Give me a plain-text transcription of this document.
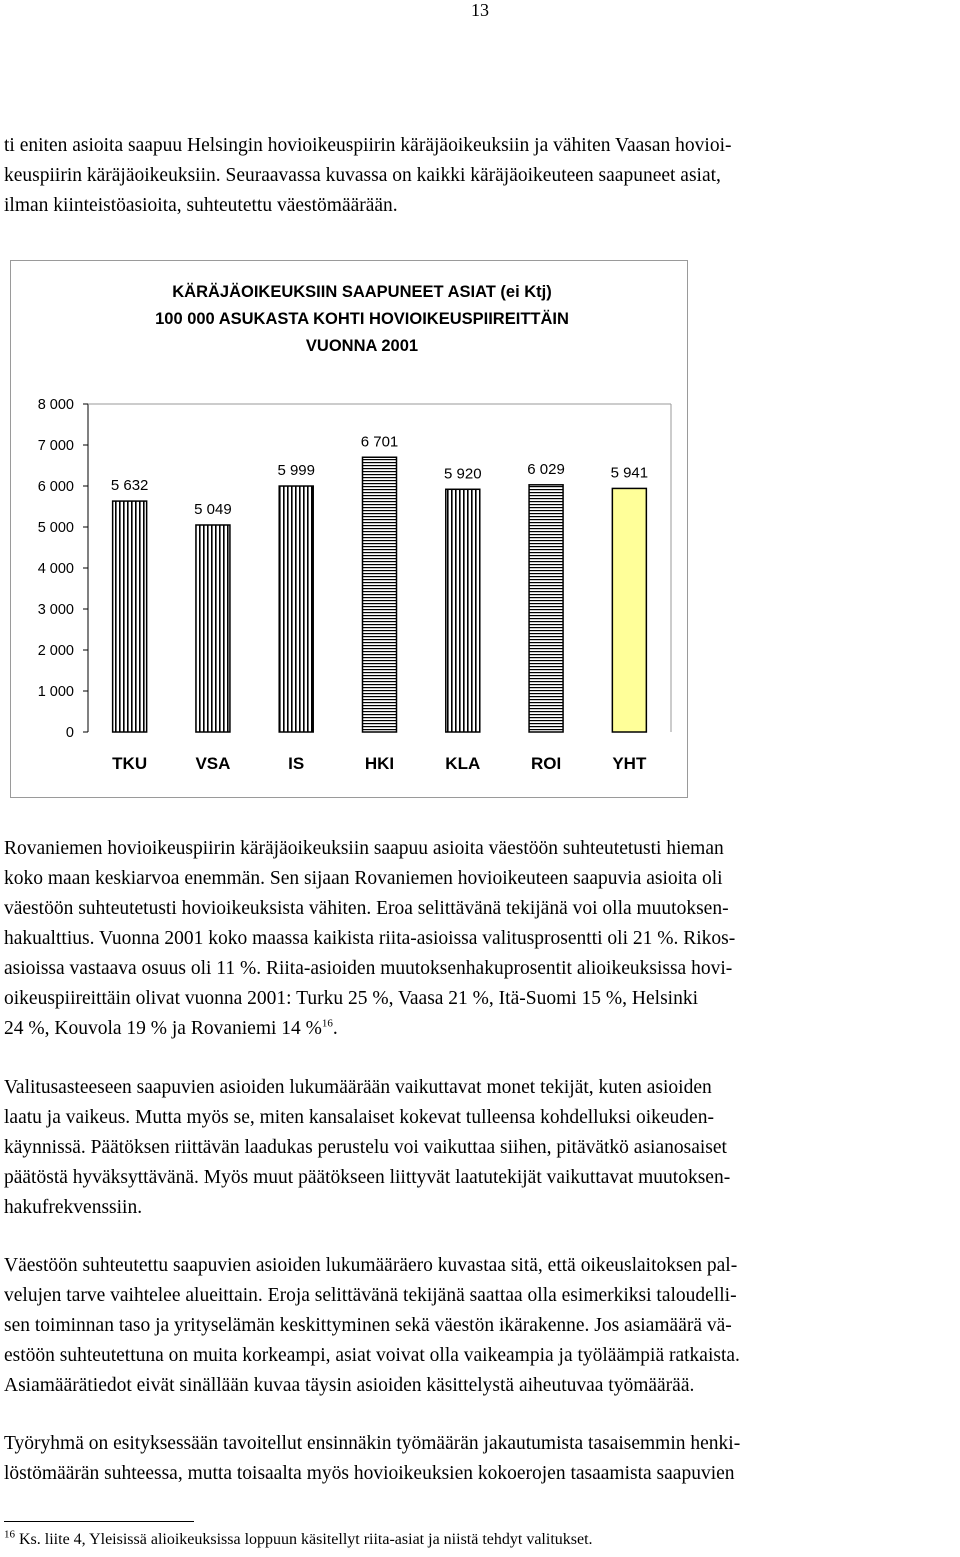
13
ti eniten asioita saapuu Helsingin hovioikeuspiirin käräjäoikeuksiin ja vähiten Vaasan hovioi-
keuspiirin käräjäoikeuksiin. Seuraavassa kuvassa on kaikki käräjäoikeuteen saapuneet asiat,
ilman kiinteistöasioita, suhteutettu väestömäärään.
KÄRÄJÄOIKEUKSIIN SAAPUNEET ASIAT (ei Ktj)
100 000 ASUKASTA KOHTI HOVIOIKEUSPIIREITTÄIN
VUONNA 2001
0
1 000
2 000
3 000
4 000
5 000
6 000
7 000
8 000
5 632
TKU
5 049
VSA
5 999
IS
6 701
HKI
5 920
KLA
6 029
ROI
5 941
YHT
Rovaniemen hovioikeuspiirin käräjäoikeuksiin saapuu asioita väestöön suhteutetusti hieman
koko maan keskiarvoa enemmän. Sen sijaan Rovaniemen hovioikeuteen saapuvia asioita oli
väestöön suhteutetusti hovioikeuksista vähiten. Eroa selittävänä tekijänä voi olla muutoksen-
hakualttius. Vuonna 2001 koko maassa kaikista riita-asioissa valitusprosentti oli 21 %. Rikos-
asioissa vastaava osuus oli 11 %. Riita-asioiden muutoksenhakuprosentit alioikeuksissa hovi-
oikeuspiireittäin olivat vuonna 2001: Turku 25 %, Vaasa 21 %, Itä-Suomi 15 %, Helsinki
24 %, Kouvola 19 % ja Rovaniemi 14 %$^{16}$.
Valitusasteeseen saapuvien asioiden lukumäärään vaikuttavat monet tekijät, kuten asioiden
laatu ja vaikeus. Mutta myös se, miten kansalaiset kokevat tulleensa kohdelluksi oikeuden-
käynnissä. Päätöksen riittävän laadukas perustelu voi vaikuttaa siihen, pitävätkö asianosaiset
päätöstä hyväksyttävänä. Myös muut päätökseen liittyvät laatutekijät vaikuttavat muutoksen-
hakufrekvenssiin.
Väestöön suhteutettu saapuvien asioiden lukumääräero kuvastaa sitä, että oikeuslaitoksen pal-
velujen tarve vaihtelee alueittain. Eroja selittävänä tekijänä saattaa olla esimerkiksi taloudelli-
sen toiminnan taso ja yrityselämän keskittyminen sekä väestön ikärakenne. Jos asiamäärä vä-
estöön suhteutettuna on muita korkeampi, asiat voivat olla vaikeampia ja työläämpiä ratkaista.
Asiamäärätiedot eivät sinällään kuvaa täysin asioiden käsittelystä aiheutuvaa työmäärää.
Työryhmä on esityksessään tavoitellut ensinnäkin työmäärän jakautumista tasaisemmin henki-
löstömäärän suhteessa, mutta toisaalta myös hovioikeuksien kokoerojen tasaamista saapuvien
$^{16}$ Ks. liite 4, Yleisissä alioikeuksissa loppuun käsitellyt riita-asiat ja niistä tehdyt valitukset.
